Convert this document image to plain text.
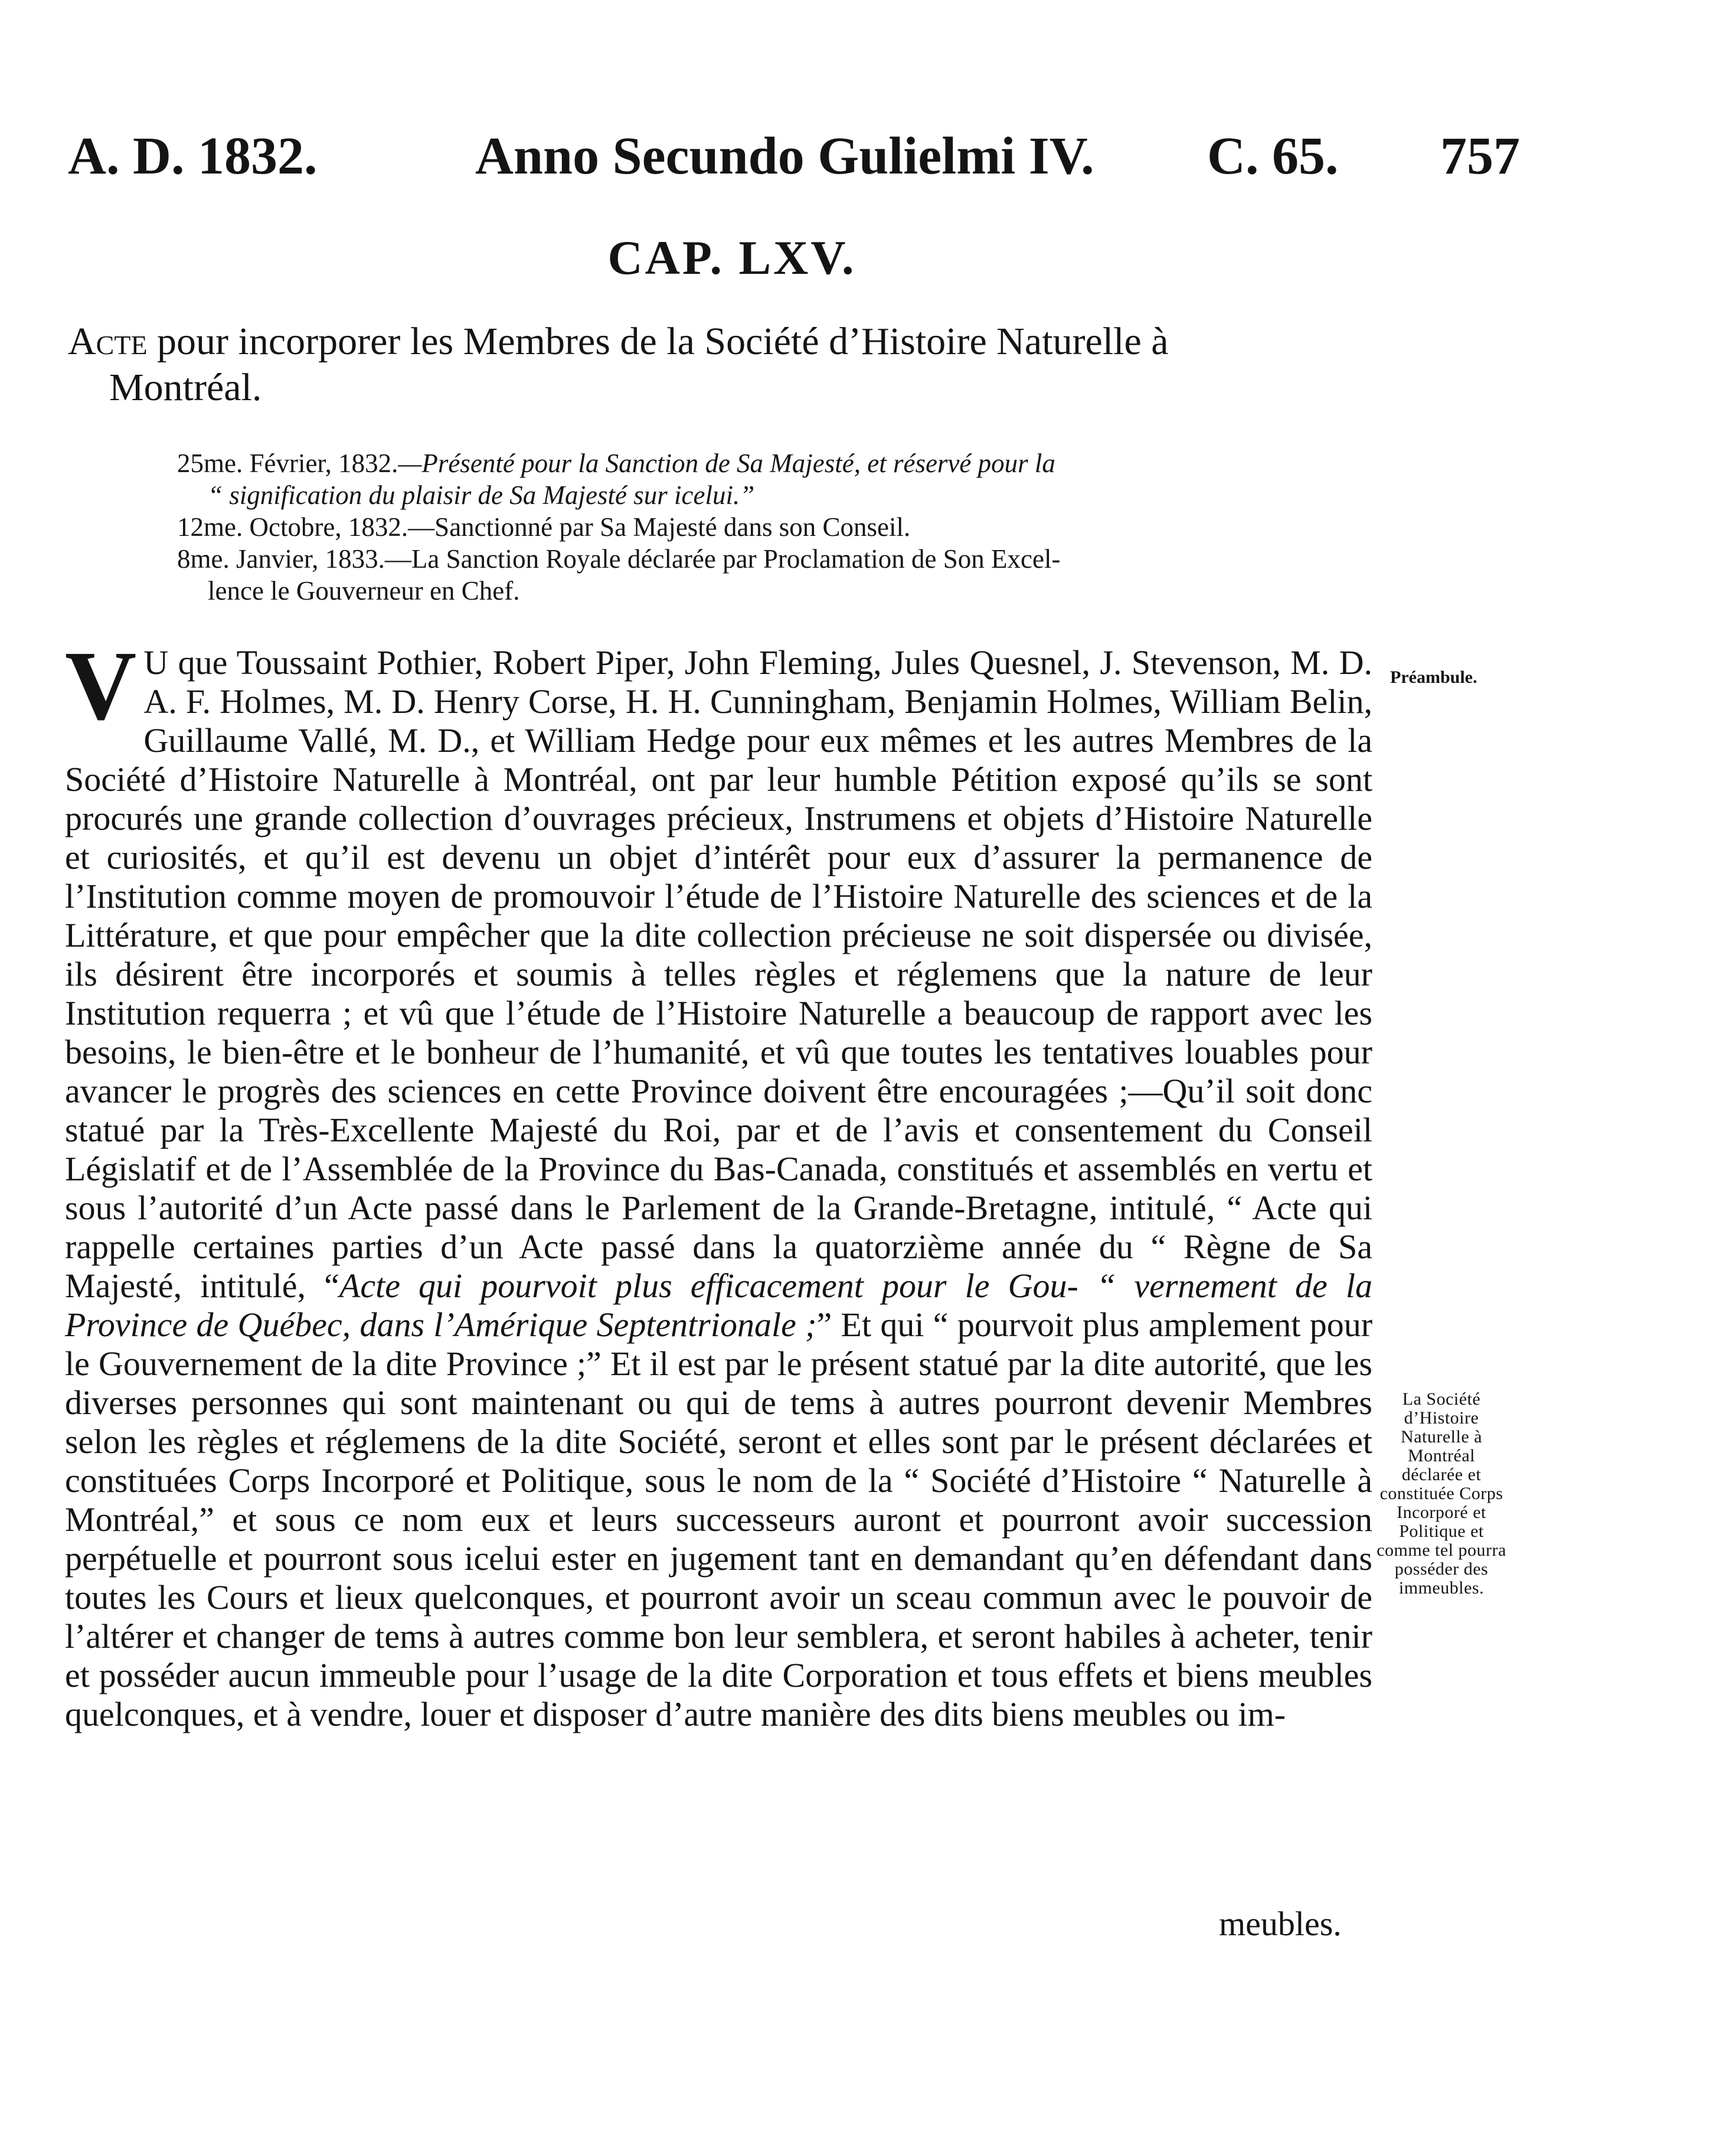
A. D. 1832.	Anno Secundo Gulielmi IV. C. 65. 757
CAP. LXV.
Acte pour incorporer les Membres de la Société d’Histoire Naturelle à
Montréal.

25me. Février, 1832.—Présenté pour la Sanction de Sa Majesté, et réservé pour la

“ signification du plaisir de Sa Majesté sur icelui.”

12me. Octobre, 1832.—Sanctionné par Sa Majesté dans son Conseil.

8me. Janvier, 1833.—La Sanction Royale déclarée par Proclamation de Son Excel-

lence le Gouverneur en Chef.

V U que Toussaint Pothier, Robert Piper, John Fleming, Jules Quesnel, J. Stevenson, M. D. A. F. Holmes, M. D. Henry Corse, H. H. Cunningham, Benjamin Holmes, William Belin, Guillaume Vallé, M. D., et William Hedge pour eux mêmes et les autres Membres de la Société d’Histoire Naturelle à Montréal, ont par leur humble Pétition exposé qu’ils se sont procurés une grande collection d’ouvrages précieux, Instrumens et objets d’Histoire Naturelle et curiosités, et qu’il est devenu un objet d’intérêt pour eux d’assurer la permanence de l’Institution comme moyen de promouvoir l’étude de l’Histoire Naturelle des sciences et de la Littérature, et que pour empêcher que la dite collection précieuse ne soit dispersée ou divisée, ils désirent être incorporés et soumis à telles règles et réglemens que la nature de leur Institution requerra ; et vû que l’étude de l’Histoire Naturelle a beaucoup de rapport avec les besoins, le bien-être et le bonheur de l’humanité, et vû que toutes les tentatives louables pour avancer le progrès des sciences en cette Province doivent être encouragées ;—Qu’il soit donc statué par la Très-Excellente Majesté du Roi, par et de l’avis et consentement du Conseil Législatif et de l’Assemblée de la Province du Bas-Canada, constitués et assemblés en vertu et sous l’autorité d’un Acte passé dans le Parlement de la Grande-Bretagne, intitulé, “ Acte qui rappelle certaines parties d’un Acte passé dans la quatorzième année du “ Règne de Sa Majesté, intitulé, “Acte qui pourvoit plus efficacement pour le Gou- “ vernement de la Province de Québec, dans l’Amérique Septentrionale ;” Et qui “ pourvoit plus amplement pour le Gouvernement de la dite Province ;” Et il est par le présent statué par la dite autorité, que les diverses personnes qui sont maintenant ou qui de tems à autres pourront devenir Membres selon les règles et réglemens de la dite Société, seront et elles sont par le présent déclarées et constituées Corps Incorporé et Politique, sous le nom de la “ Société d’Histoire “ Naturelle à Montréal,” et sous ce nom eux et leurs successeurs auront et pourront avoir succession perpétuelle et pourront sous icelui ester en jugement tant en demandant qu’en défendant dans toutes les Cours et lieux quelconques, et pourront avoir un sceau commun avec le pouvoir de l’altérer et changer de tems à autres comme bon leur semblera, et seront habiles à acheter, tenir et posséder aucun immeuble pour l’usage de la dite Corporation et tous effets et biens meubles quelconques, et à vendre, louer et disposer d’autre manière des dits biens meubles ou im-

meubles.
Préambule.
La Société d’Histoire Naturelle à Montréal déclarée et constituée Corps Incorporé et Politique et comme tel pourra posséder des immeubles.
